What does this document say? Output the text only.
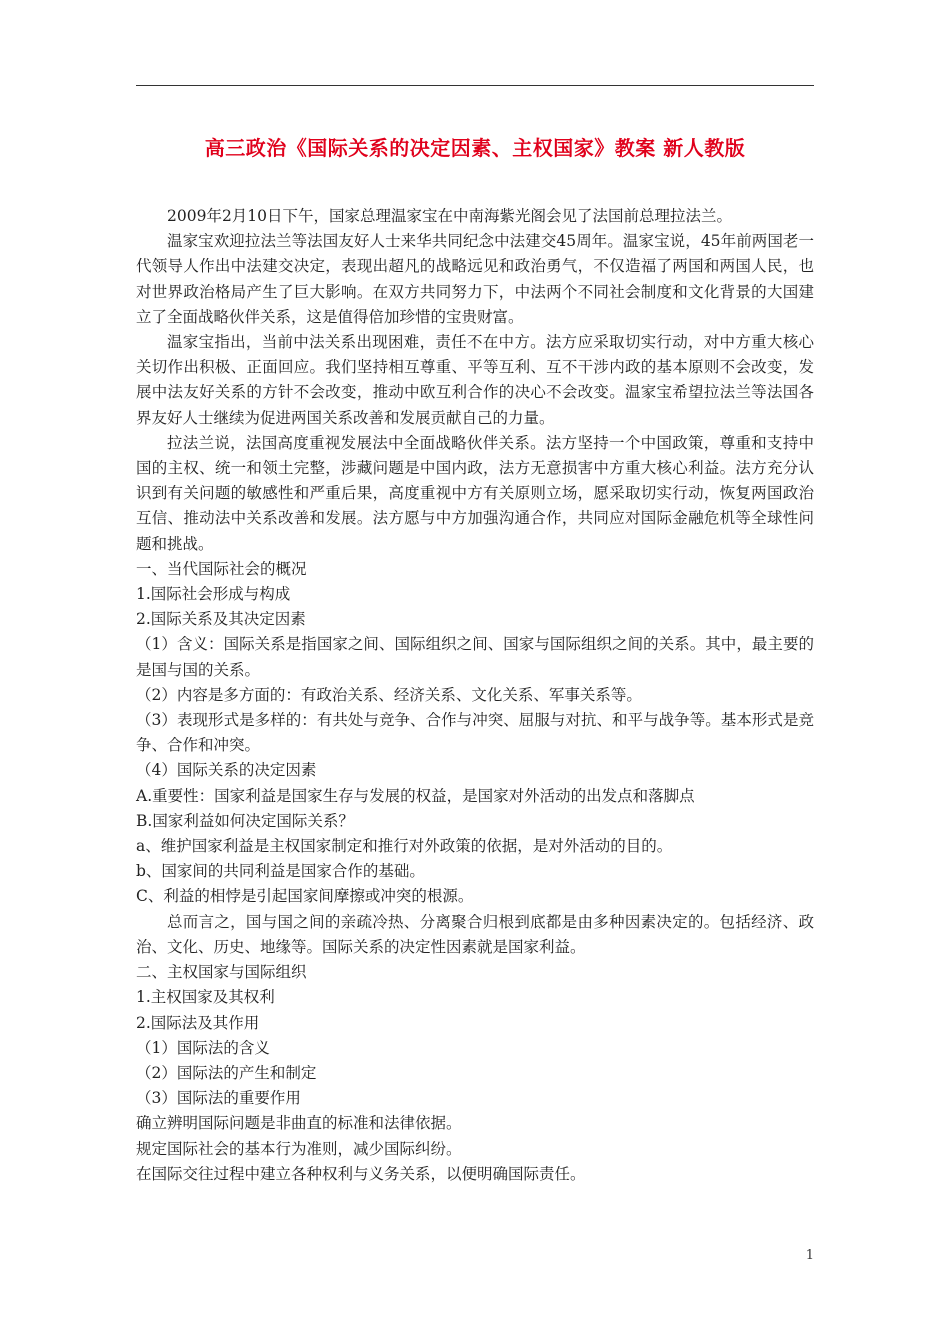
高三政治《国际关系的决定因素、主权国家》教案 新人教版

2009年2月10日下午，国家总理温家宝在中南海紫光阁会见了法国前总理拉法兰。

温家宝欢迎拉法兰等法国友好人士来华共同纪念中法建交45周年。温家宝说，45年前两国老一代领导人作出中法建交决定，表现出超凡的战略远见和政治勇气，不仅造福了两国和两国人民，也对世界政治格局产生了巨大影响。在双方共同努力下，中法两个不同社会制度和文化背景的大国建立了全面战略伙伴关系，这是值得倍加珍惜的宝贵财富。

温家宝指出，当前中法关系出现困难，责任不在中方。法方应采取切实行动，对中方重大核心关切作出积极、正面回应。我们坚持相互尊重、平等互利、互不干涉内政的基本原则不会改变，发展中法友好关系的方针不会改变，推动中欧互利合作的决心不会改变。温家宝希望拉法兰等法国各界友好人士继续为促进两国关系改善和发展贡献自己的力量。

拉法兰说，法国高度重视发展法中全面战略伙伴关系。法方坚持一个中国政策，尊重和支持中国的主权、统一和领土完整，涉藏问题是中国内政，法方无意损害中方重大核心利益。法方充分认识到有关问题的敏感性和严重后果，高度重视中方有关原则立场，愿采取切实行动，恢复两国政治互信、推动法中关系改善和发展。法方愿与中方加强沟通合作，共同应对国际金融危机等全球性问题和挑战。

一、当代国际社会的概况

1.国际社会形成与构成

2.国际关系及其决定因素

（1）含义：国际关系是指国家之间、国际组织之间、国家与国际组织之间的关系。其中，最主要的是国与国的关系。

（2）内容是多方面的：有政治关系、经济关系、文化关系、军事关系等。

（3）表现形式是多样的：有共处与竞争、合作与冲突、屈服与对抗、和平与战争等。基本形式是竞争、合作和冲突。

（4）国际关系的决定因素

A.重要性：国家利益是国家生存与发展的权益，是国家对外活动的出发点和落脚点

B.国家利益如何决定国际关系？

a、维护国家利益是主权国家制定和推行对外政策的依据，是对外活动的目的。

b、国家间的共同利益是国家合作的基础。

C、利益的相悖是引起国家间摩擦或冲突的根源。

总而言之，国与国之间的亲疏冷热、分离聚合归根到底都是由多种因素决定的。包括经济、政治、文化、历史、地缘等。国际关系的决定性因素就是国家利益。

二、主权国家与国际组织

1.主权国家及其权利

2.国际法及其作用

（1）国际法的含义

（2）国际法的产生和制定

（3）国际法的重要作用

确立辨明国际问题是非曲直的标准和法律依据。

规定国际社会的基本行为准则，减少国际纠纷。

在国际交往过程中建立各种权利与义务关系，以便明确国际责任。

1
